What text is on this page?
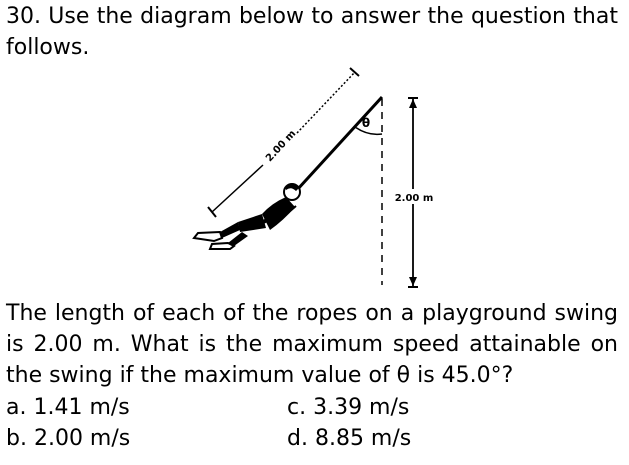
30. Use the diagram below to answer the question that follows.
θ
2.00 m
2.00 m
The length of each of the ropes on a playground swing is 2.00 m. What is the maximum speed attainable on the swing if the maximum value of θ is 45.0°?
a. 1.41 m/s
b. 2.00 m/s
c. 3.39 m/s
d. 8.85 m/s
